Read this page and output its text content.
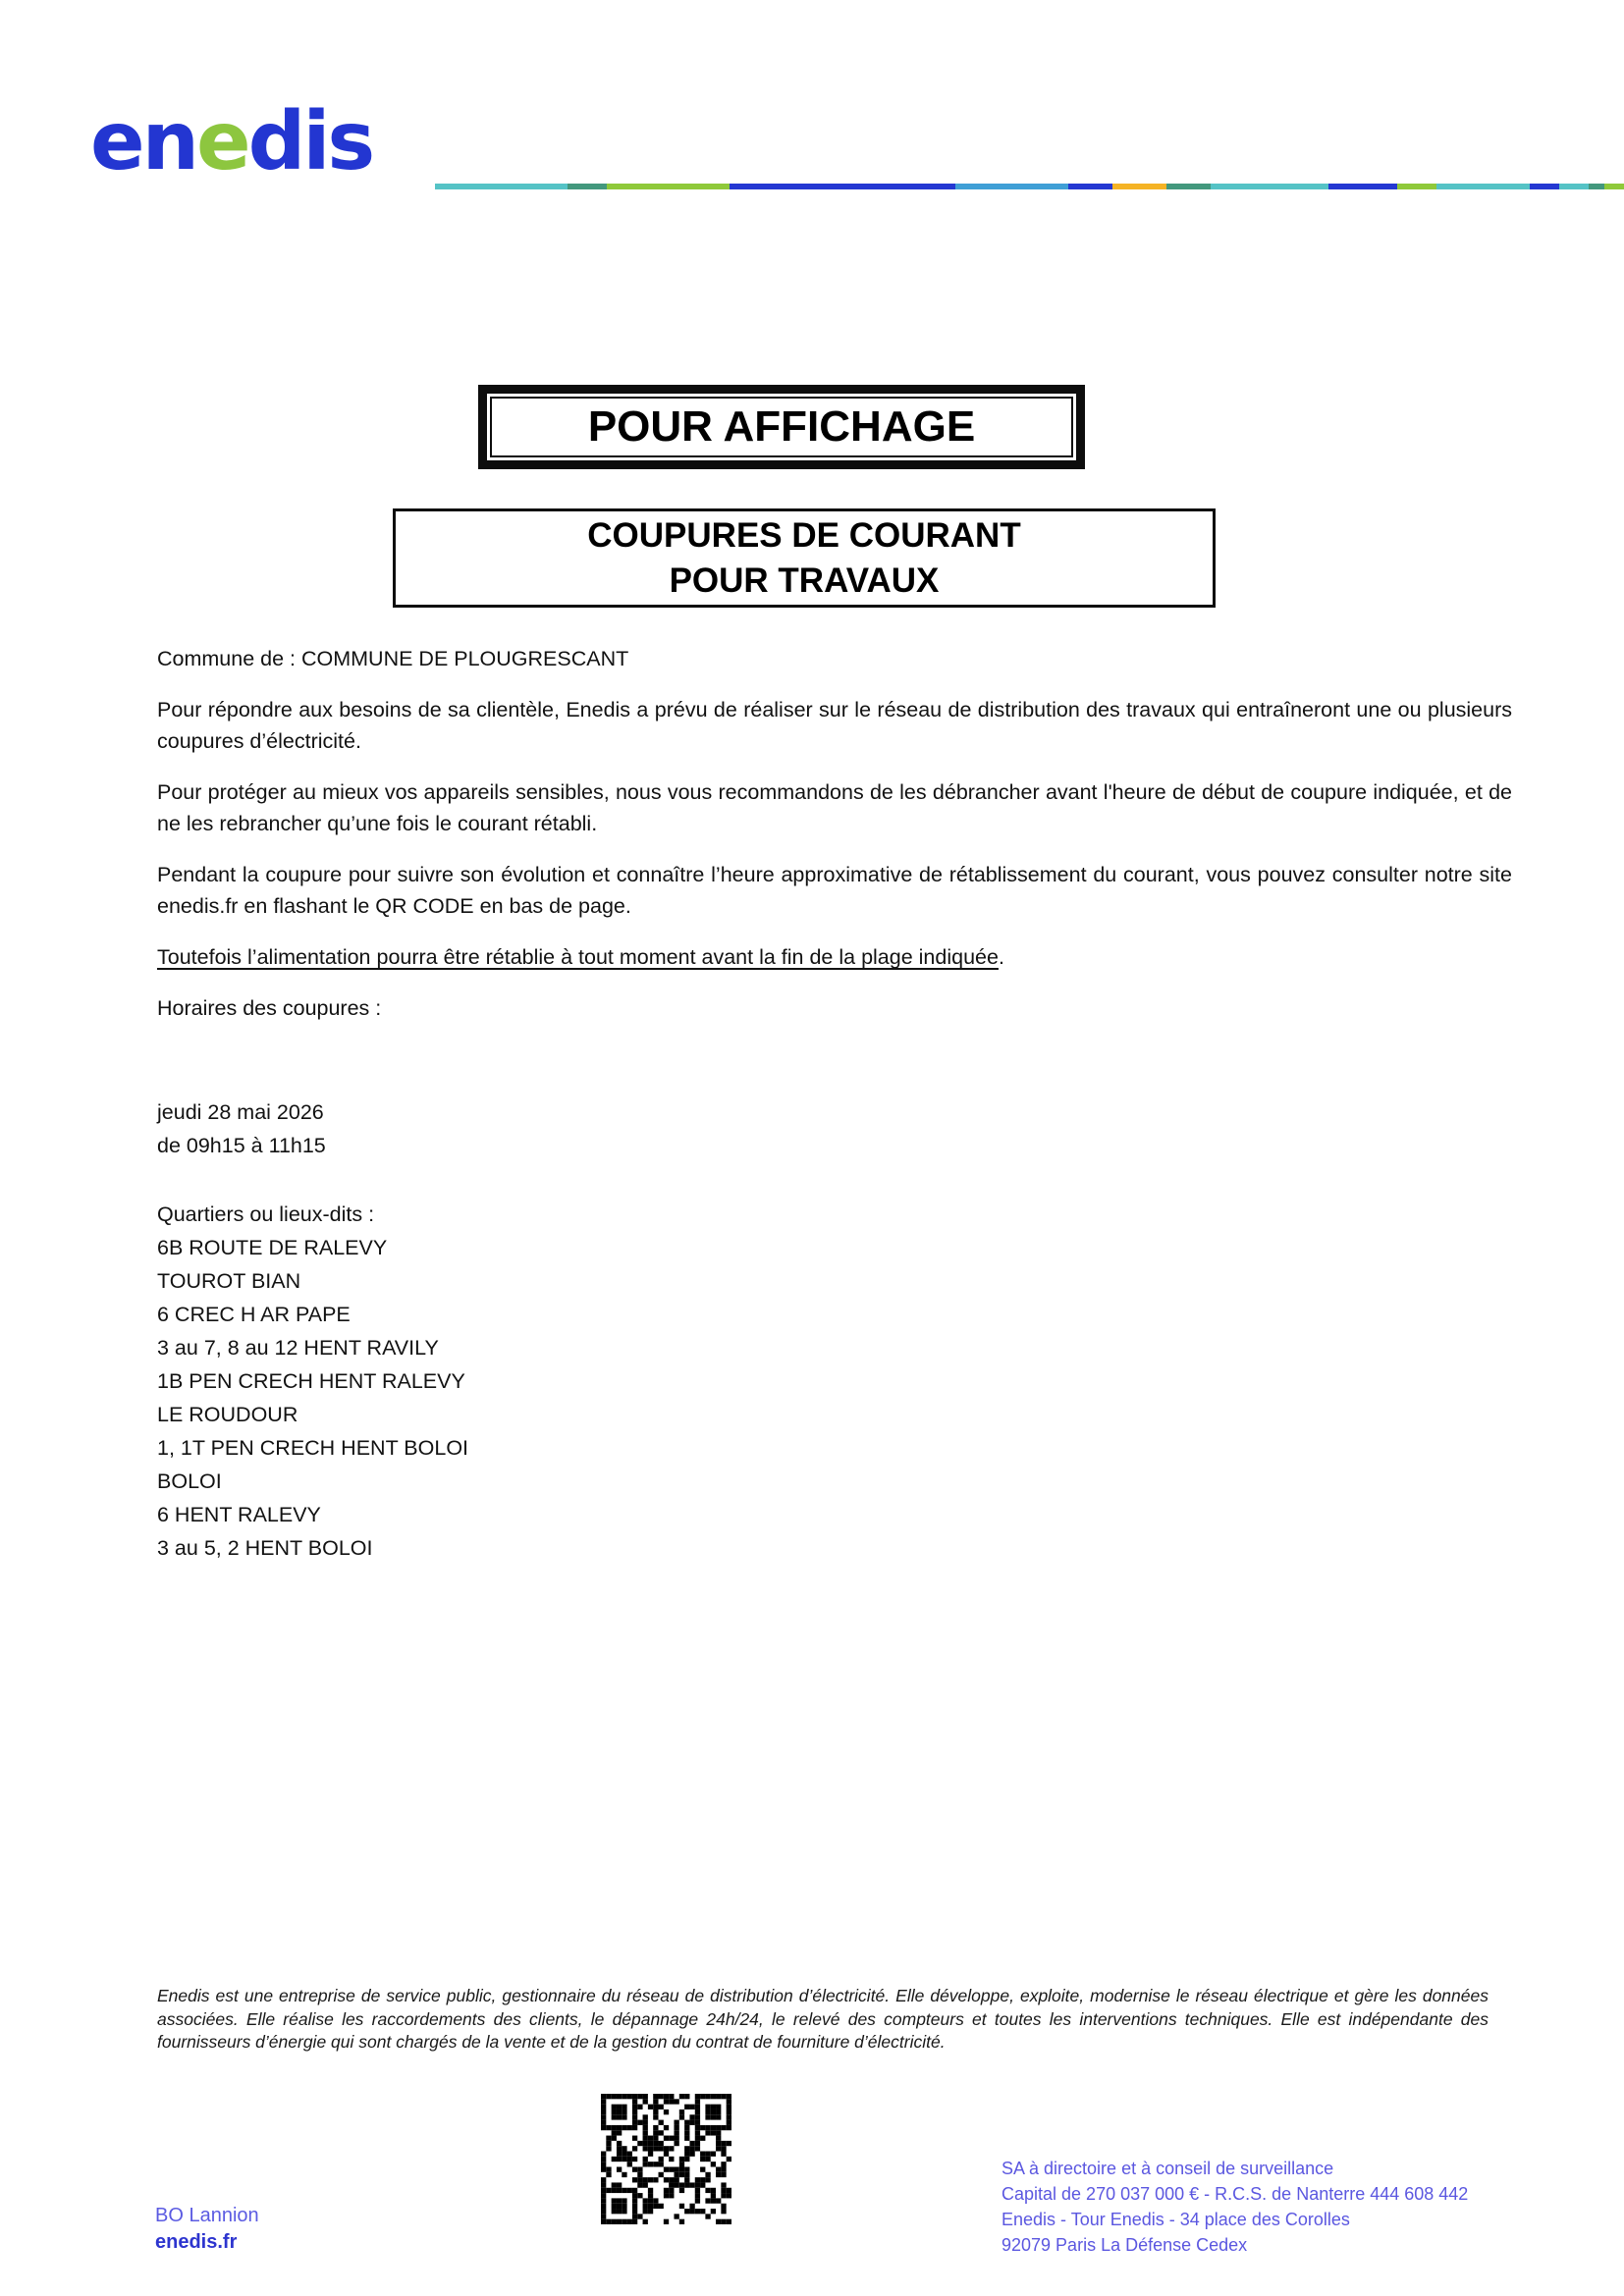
enedis
POUR AFFICHAGE
COUPURES DE COURANT
POUR TRAVAUX

Commune de : COMMUNE DE PLOUGRESCANT

Pour répondre aux besoins de sa clientèle, Enedis a prévu de réaliser sur le réseau de distribution des travaux qui entraîneront une ou plusieurs coupures d’électricité.

Pour protéger au mieux vos appareils sensibles, nous vous recommandons de les débrancher avant l'heure de début de coupure indiquée, et de ne les rebrancher qu’une fois le courant rétabli.

Pendant la coupure pour suivre son évolution et connaître l’heure approximative de rétablissement du courant, vous pouvez consulter notre site enedis.fr en flashant le QR CODE en bas de page.

Toutefois l’alimentation pourra être rétablie à tout moment avant la fin de la plage indiquée.

Horaires des coupures :

jeudi 28 mai 2026
de 09h15 à 11h15
Quartiers ou lieux-dits :
6B ROUTE DE RALEVY
TOUROT BIAN
6 CREC H AR PAPE
3 au 7, 8 au 12 HENT RAVILY
1B PEN CRECH HENT RALEVY
LE ROUDOUR
1, 1T PEN CRECH HENT BOLOI
BOLOI
6 HENT RALEVY
3 au 5, 2 HENT BOLOI
Enedis est une entreprise de service public, gestionnaire du réseau de distribution d’électricité. Elle développe, exploite, modernise le réseau électrique et gère les données associées. Elle réalise les raccordements des clients, le dépannage 24h/24, le relevé des compteurs et toutes les interventions techniques. Elle est indépendante des fournisseurs d’énergie qui sont chargés de la vente et de la gestion du contrat de fourniture d’électricité.
BO Lannion
enedis.fr
SA à directoire et à conseil de surveillance
Capital de 270 037 000 € - R.C.S. de Nanterre 444 608 442
Enedis - Tour Enedis - 34 place des Corolles
92079 Paris La Défense Cedex
